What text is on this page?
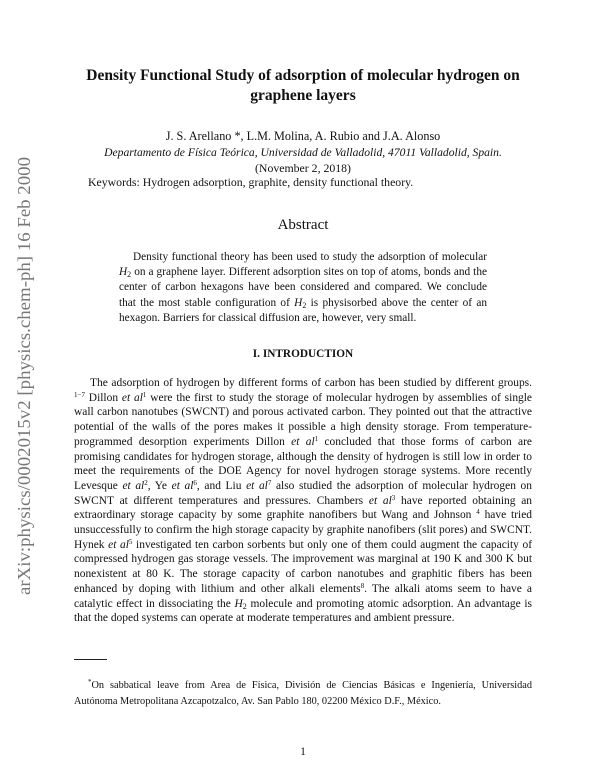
arXiv:physics/0002015v2 [physics.chem-ph] 16 Feb 2000
Density Functional Study of adsorption of molecular hydrogen on
graphene layers
J. S. Arellano *, L.M. Molina, A. Rubio and J.A. Alonso
Departamento de Física Teórica, Universidad de Valladolid, 47011 Valladolid, Spain.
(November 2, 2018)
Keywords: Hydrogen adsorption, graphite, density functional theory.
Abstract

Density functional theory has been used to study the adsorption of molecular $H_2$ on a graphene layer. Different adsorption sites on top of atoms, bonds and the center of carbon hexagons have been considered and compared. We conclude that the most stable configuration of $H_2$ is physisorbed above the center of an hexagon. Barriers for classical diffusion are, however, very small.

I. INTRODUCTION

The adsorption of hydrogen by different forms of carbon has been studied by different groups. $^{1-7}$ Dillon et $al^1$ were the first to study the storage of molecular hydrogen by assemblies of single wall carbon nanotubes (SWCNT) and porous activated carbon. They pointed out that the attractive potential of the walls of the pores makes it possible a high density storage. From temperature-programmed desorption experiments Dillon et $al^1$ concluded that those forms of carbon are promising candidates for hydrogen storage, although the density of hydrogen is still low in order to meet the requirements of the DOE Agency for novel hydrogen storage systems. More recently Levesque et $al^2$, Ye et $al^6$, and Liu et $al^7$ also studied the adsorption of molecular hydrogen on SWCNT at different temperatures and pressures. Chambers et $al^3$ have reported obtaining an extraordinary storage capacity by some graphite nanofibers but Wang and Johnson $^4$ have tried unsuccessfully to confirm the high storage capacity by graphite nanofibers (slit pores) and SWCNT. Hynek et $al^5$ investigated ten carbon sorbents but only one of them could augment the capacity of compressed hydrogen gas storage vessels. The improvement was marginal at 190 K and 300 K but nonexistent at 80 K. The storage capacity of carbon nanotubes and graphitic fibers has been enhanced by doping with lithium and other alkali elements$^8$. The alkali atoms seem to have a catalytic effect in dissociating the $H_2$ molecule and promoting atomic adsorption. An advantage is that the doped systems can operate at moderate temperatures and ambient pressure.

*On sabbatical leave from Area de Física, División de Ciencias Básicas e Ingeniería, Universidad Autónoma Metropolitana Azcapotzalco, Av. San Pablo 180, 02200 México D.F., México.

1
